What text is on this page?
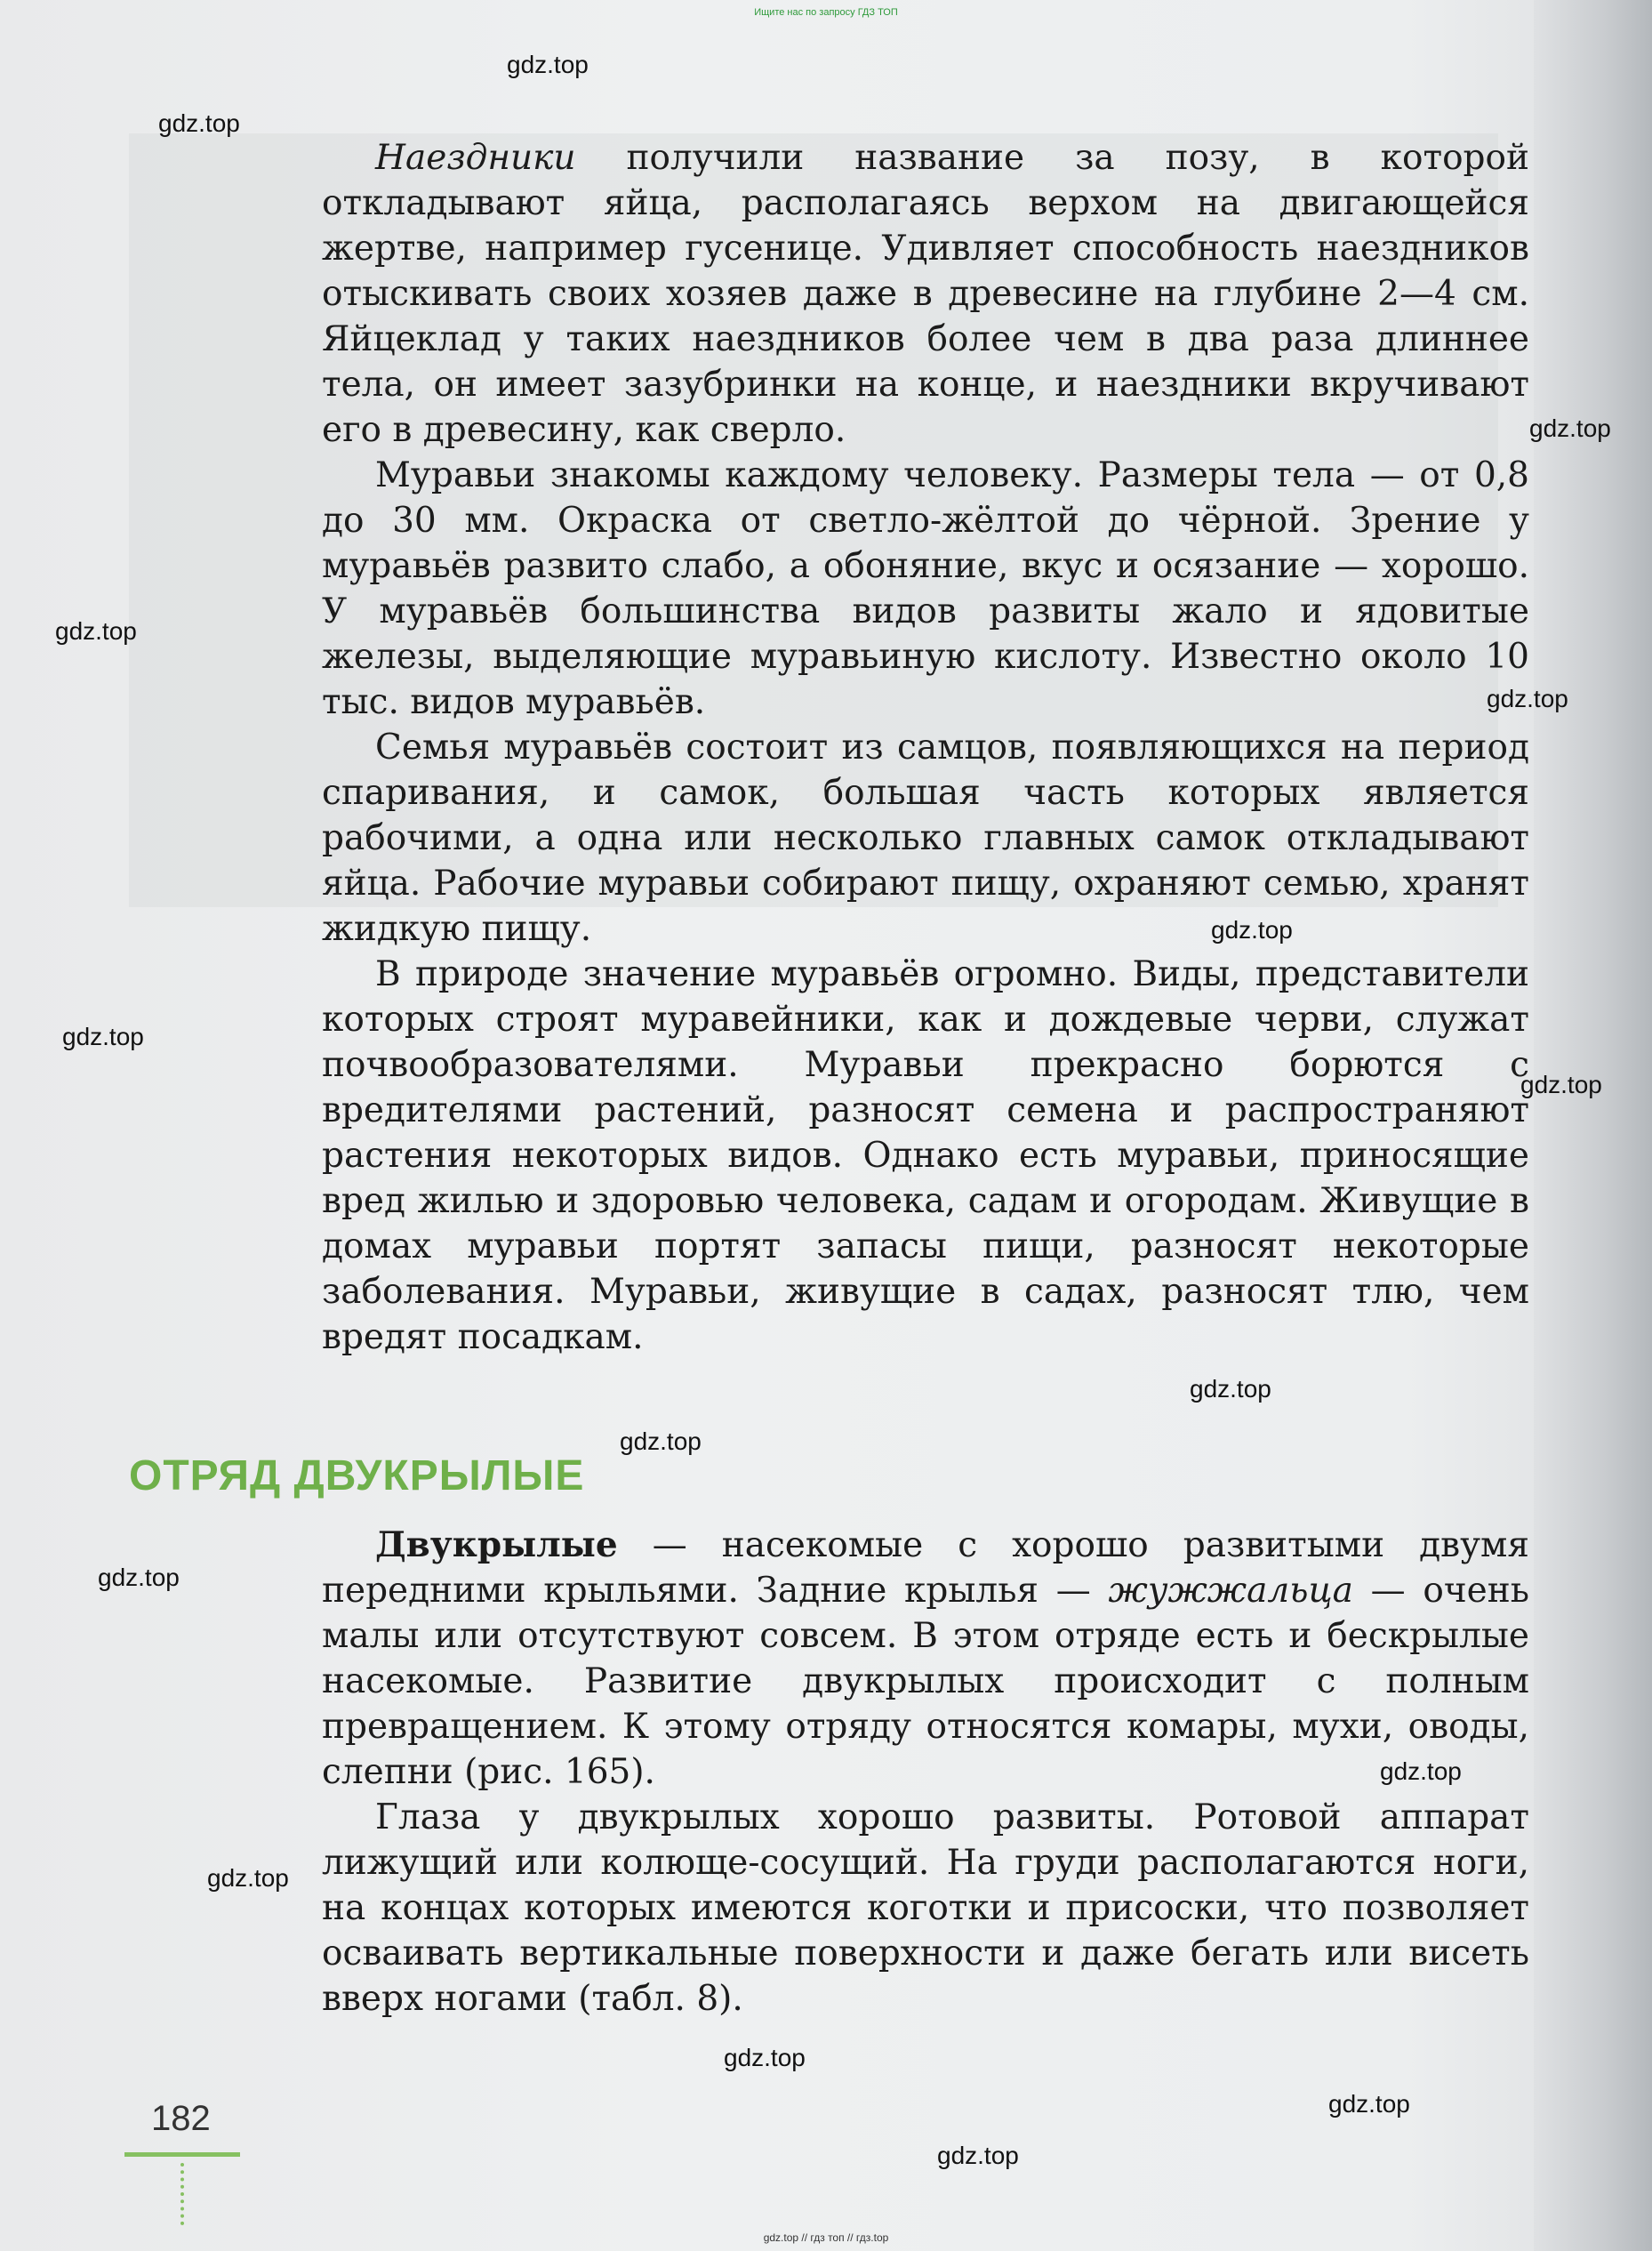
Ищите нас по запросу ГДЗ ТОП

Наездники получили название за позу, в которой откладывают яйца, располагаясь верхом на двигающейся жертве, например гусенице. Удивляет способность наездников отыскивать своих хозяев даже в древесине на глубине 2—4 см. Яйцеклад у таких наездников более чем в два раза длиннее тела, он имеет зазубринки на конце, и наездники вкручивают его в древесину, как сверло.

Муравьи знакомы каждому человеку. Размеры тела — от 0,8 до 30 мм. Окраска от светло-жёлтой до чёрной. Зрение у муравьёв развито слабо, а обоняние, вкус и осязание — хорошо. У муравьёв большинства видов развиты жало и ядовитые железы, выделяющие муравьиную кислоту. Известно около 10 тыс. видов муравьёв.

Семья муравьёв состоит из самцов, появляющихся на период спаривания, и самок, большая часть которых является рабочими, а одна или несколько главных самок откладывают яйца. Рабочие муравьи собирают пищу, охраняют семью, хранят жидкую пищу.

В природе значение муравьёв огромно. Виды, представители которых строят муравейники, как и дождевые черви, служат почвообразователями. Муравьи прекрасно борются с вредителями растений, разносят семена и распространяют растения некоторых видов. Однако есть муравьи, приносящие вред жилью и здоровью человека, садам и огородам. Живущие в домах муравьи портят запасы пищи, разносят некоторые заболевания. Муравьи, живущие в садах, разносят тлю, чем вредят посадкам.

ОТРЯД ДВУКРЫЛЫЕ

Двукрылые — насекомые с хорошо развитыми двумя передними крыльями. Задние крылья — жужжальца — очень малы или отсутствуют совсем. В этом отряде есть и бескрылые насекомые. Развитие двукрылых происходит с полным превращением. К этому отряду относятся комары, мухи, оводы, слепни (рис. 165).

Глаза у двукрылых хорошо развиты. Ротовой аппарат лижущий или колюще-сосущий. На груди располагаются ноги, на концах которых имеются коготки и присоски, что позволяет осваивать вертикальные поверхности и даже бегать или висеть вверх ногами (табл. 8).

182
gdz.top
gdz.top
gdz.top
gdz.top
gdz.top
gdz.top
gdz.top
gdz.top
gdz.top
gdz.top
gdz.top
gdz.top
gdz.top
gdz.top
gdz.top
gdz.top
gdz.top // гдз топ // гдз.top
